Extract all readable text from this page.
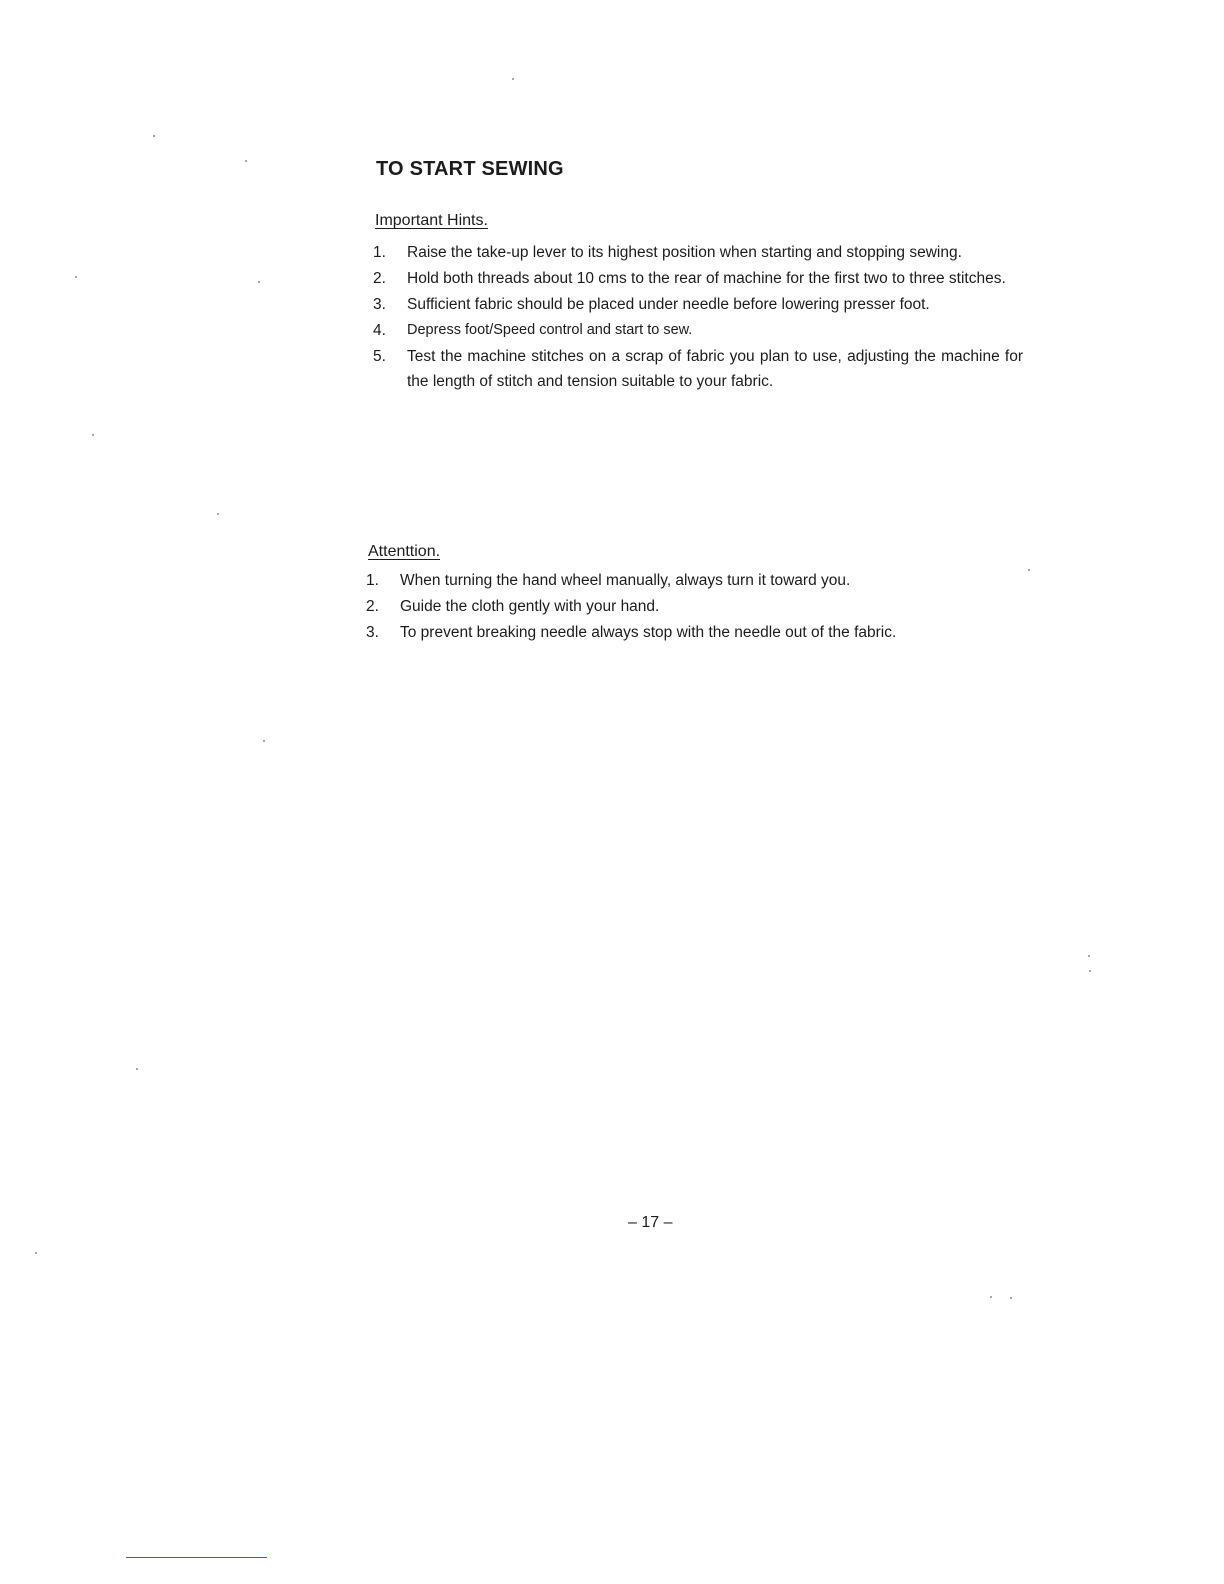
TO START SEWING
Important Hints.
1.	Raise the take-up lever to its highest position when starting and stopping sewing.
2.	Hold both threads about 10 cms to the rear of machine for the first two to three stitches.
3.	Sufficient fabric should be placed under needle before lowering presser foot.
4.	Depress foot/Speed control and start to sew.
5.	Test the machine stitches on a scrap of fabric you plan to use, adjusting the machine for the length of stitch and tension suitable to your fabric.
Attenttion.
1.	When turning the hand wheel manually, always turn it toward you.
2.	Guide the cloth gently with your hand.
3.	To prevent breaking needle always stop with the needle out of the fabric.
– 17 –
